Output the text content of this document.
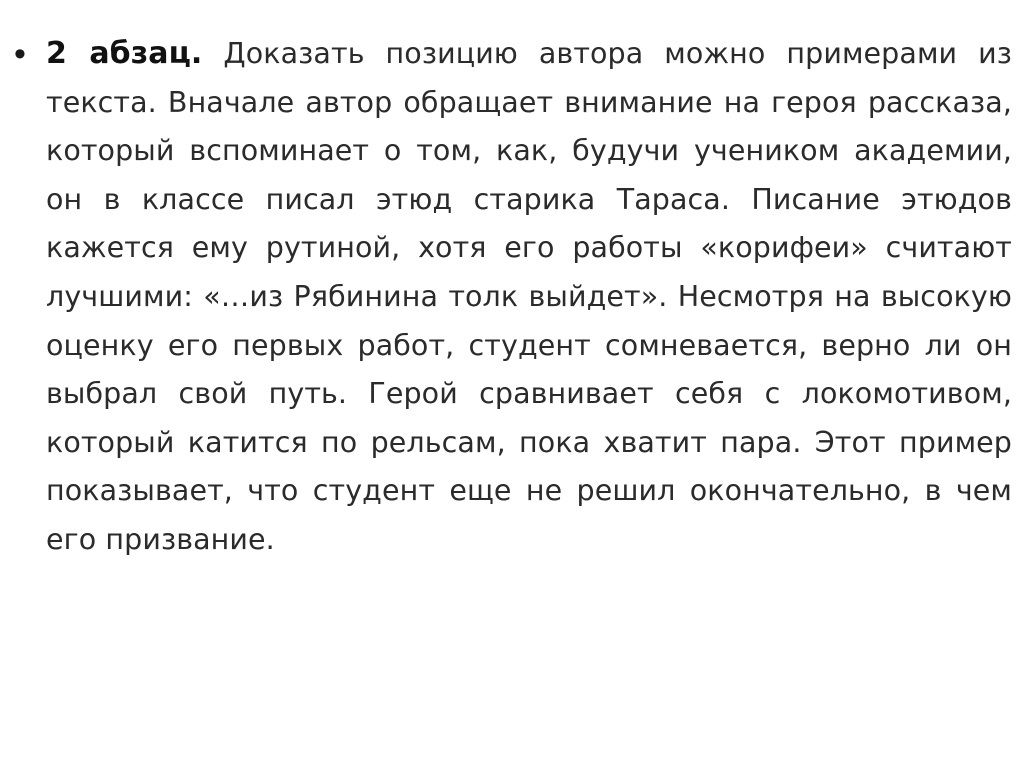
• 2 абзац. Доказать позицию автора можно примерами из текста. Вначале автор обращает внимание на героя рассказа, который вспоминает о том, как, будучи учеником академии, он в классе писал этюд старика Тараса. Писание этюдов кажется ему рутиной, хотя его работы «корифеи» считают лучшими: «…из Рябинина толк выйдет». Несмотря на высокую оценку его первых работ, студент сомневается, верно ли он выбрал свой путь. Герой сравнивает себя с локомотивом, который катится по рельсам, пока хватит пара. Этот пример показывает, что студент еще не решил окончательно, в чем его призвание.
